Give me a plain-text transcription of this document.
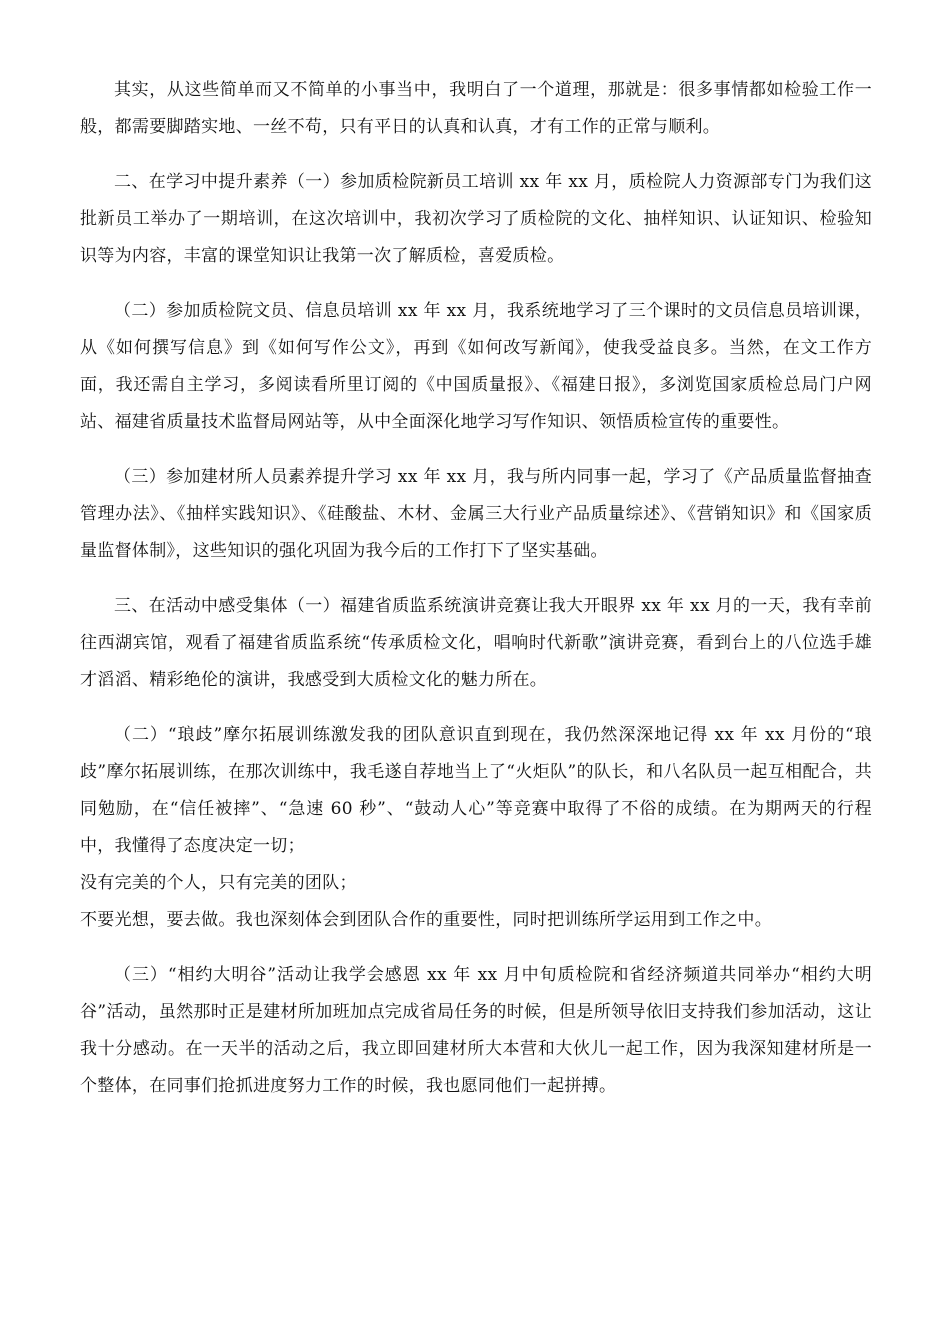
其实，从这些简单而又不简单的小事当中，我明白了一个道理，那就是：很多事情都如检验工作一般，都需要脚踏实地、一丝不苟，只有平日的认真和认真，才有工作的正常与顺利。

二、在学习中提升素养（一）参加质检院新员工培训 xx 年 xx 月，质检院人力资源部专门为我们这批新员工举办了一期培训，在这次培训中，我初次学习了质检院的文化、抽样知识、认证知识、检验知识等为内容，丰富的课堂知识让我第一次了解质检，喜爱质检。

（二）参加质检院文员、信息员培训 xx 年 xx 月，我系统地学习了三个课时的文员信息员培训课，从《如何撰写信息》到《如何写作公文》，再到《如何改写新闻》，使我受益良多。当然，在文工作方面，我还需自主学习，多阅读看所里订阅的《中国质量报》、《福建日报》，多浏览国家质检总局门户网站、福建省质量技术监督局网站等，从中全面深化地学习写作知识、领悟质检宣传的重要性。

（三）参加建材所人员素养提升学习 xx 年 xx 月，我与所内同事一起，学习了《产品质量监督抽查管理办法》、《抽样实践知识》、《硅酸盐、木材、金属三大行业产品质量综述》、《营销知识》和《国家质量监督体制》，这些知识的强化巩固为我今后的工作打下了坚实基础。

三、在活动中感受集体（一）福建省质监系统演讲竞赛让我大开眼界 xx 年 xx 月的一天，我有幸前往西湖宾馆，观看了福建省质监系统“传承质检文化，唱响时代新歌”演讲竞赛，看到台上的八位选手雄才滔滔、精彩绝伦的演讲，我感受到大质检文化的魅力所在。

（二）“琅歧”摩尔拓展训练激发我的团队意识直到现在，我仍然深深地记得 xx 年 xx 月份的“琅歧”摩尔拓展训练，在那次训练中，我毛遂自荐地当上了“火炬队”的队长，和八名队员一起互相配合，共同勉励，在“信任被摔”、“急速 60 秒”、“鼓动人心”等竞赛中取得了不俗的成绩。在为期两天的行程中，我懂得了态度决定一切；

没有完美的个人，只有完美的团队；

不要光想，要去做。我也深刻体会到团队合作的重要性，同时把训练所学运用到工作之中。

（三）“相约大明谷”活动让我学会感恩 xx 年 xx 月中旬质检院和省经济频道共同举办“相约大明谷”活动，虽然那时正是建材所加班加点完成省局任务的时候，但是所领导依旧支持我们参加活动，这让我十分感动。在一天半的活动之后，我立即回建材所大本营和大伙儿一起工作，因为我深知建材所是一个整体，在同事们抢抓进度努力工作的时候，我也愿同他们一起拼搏。
